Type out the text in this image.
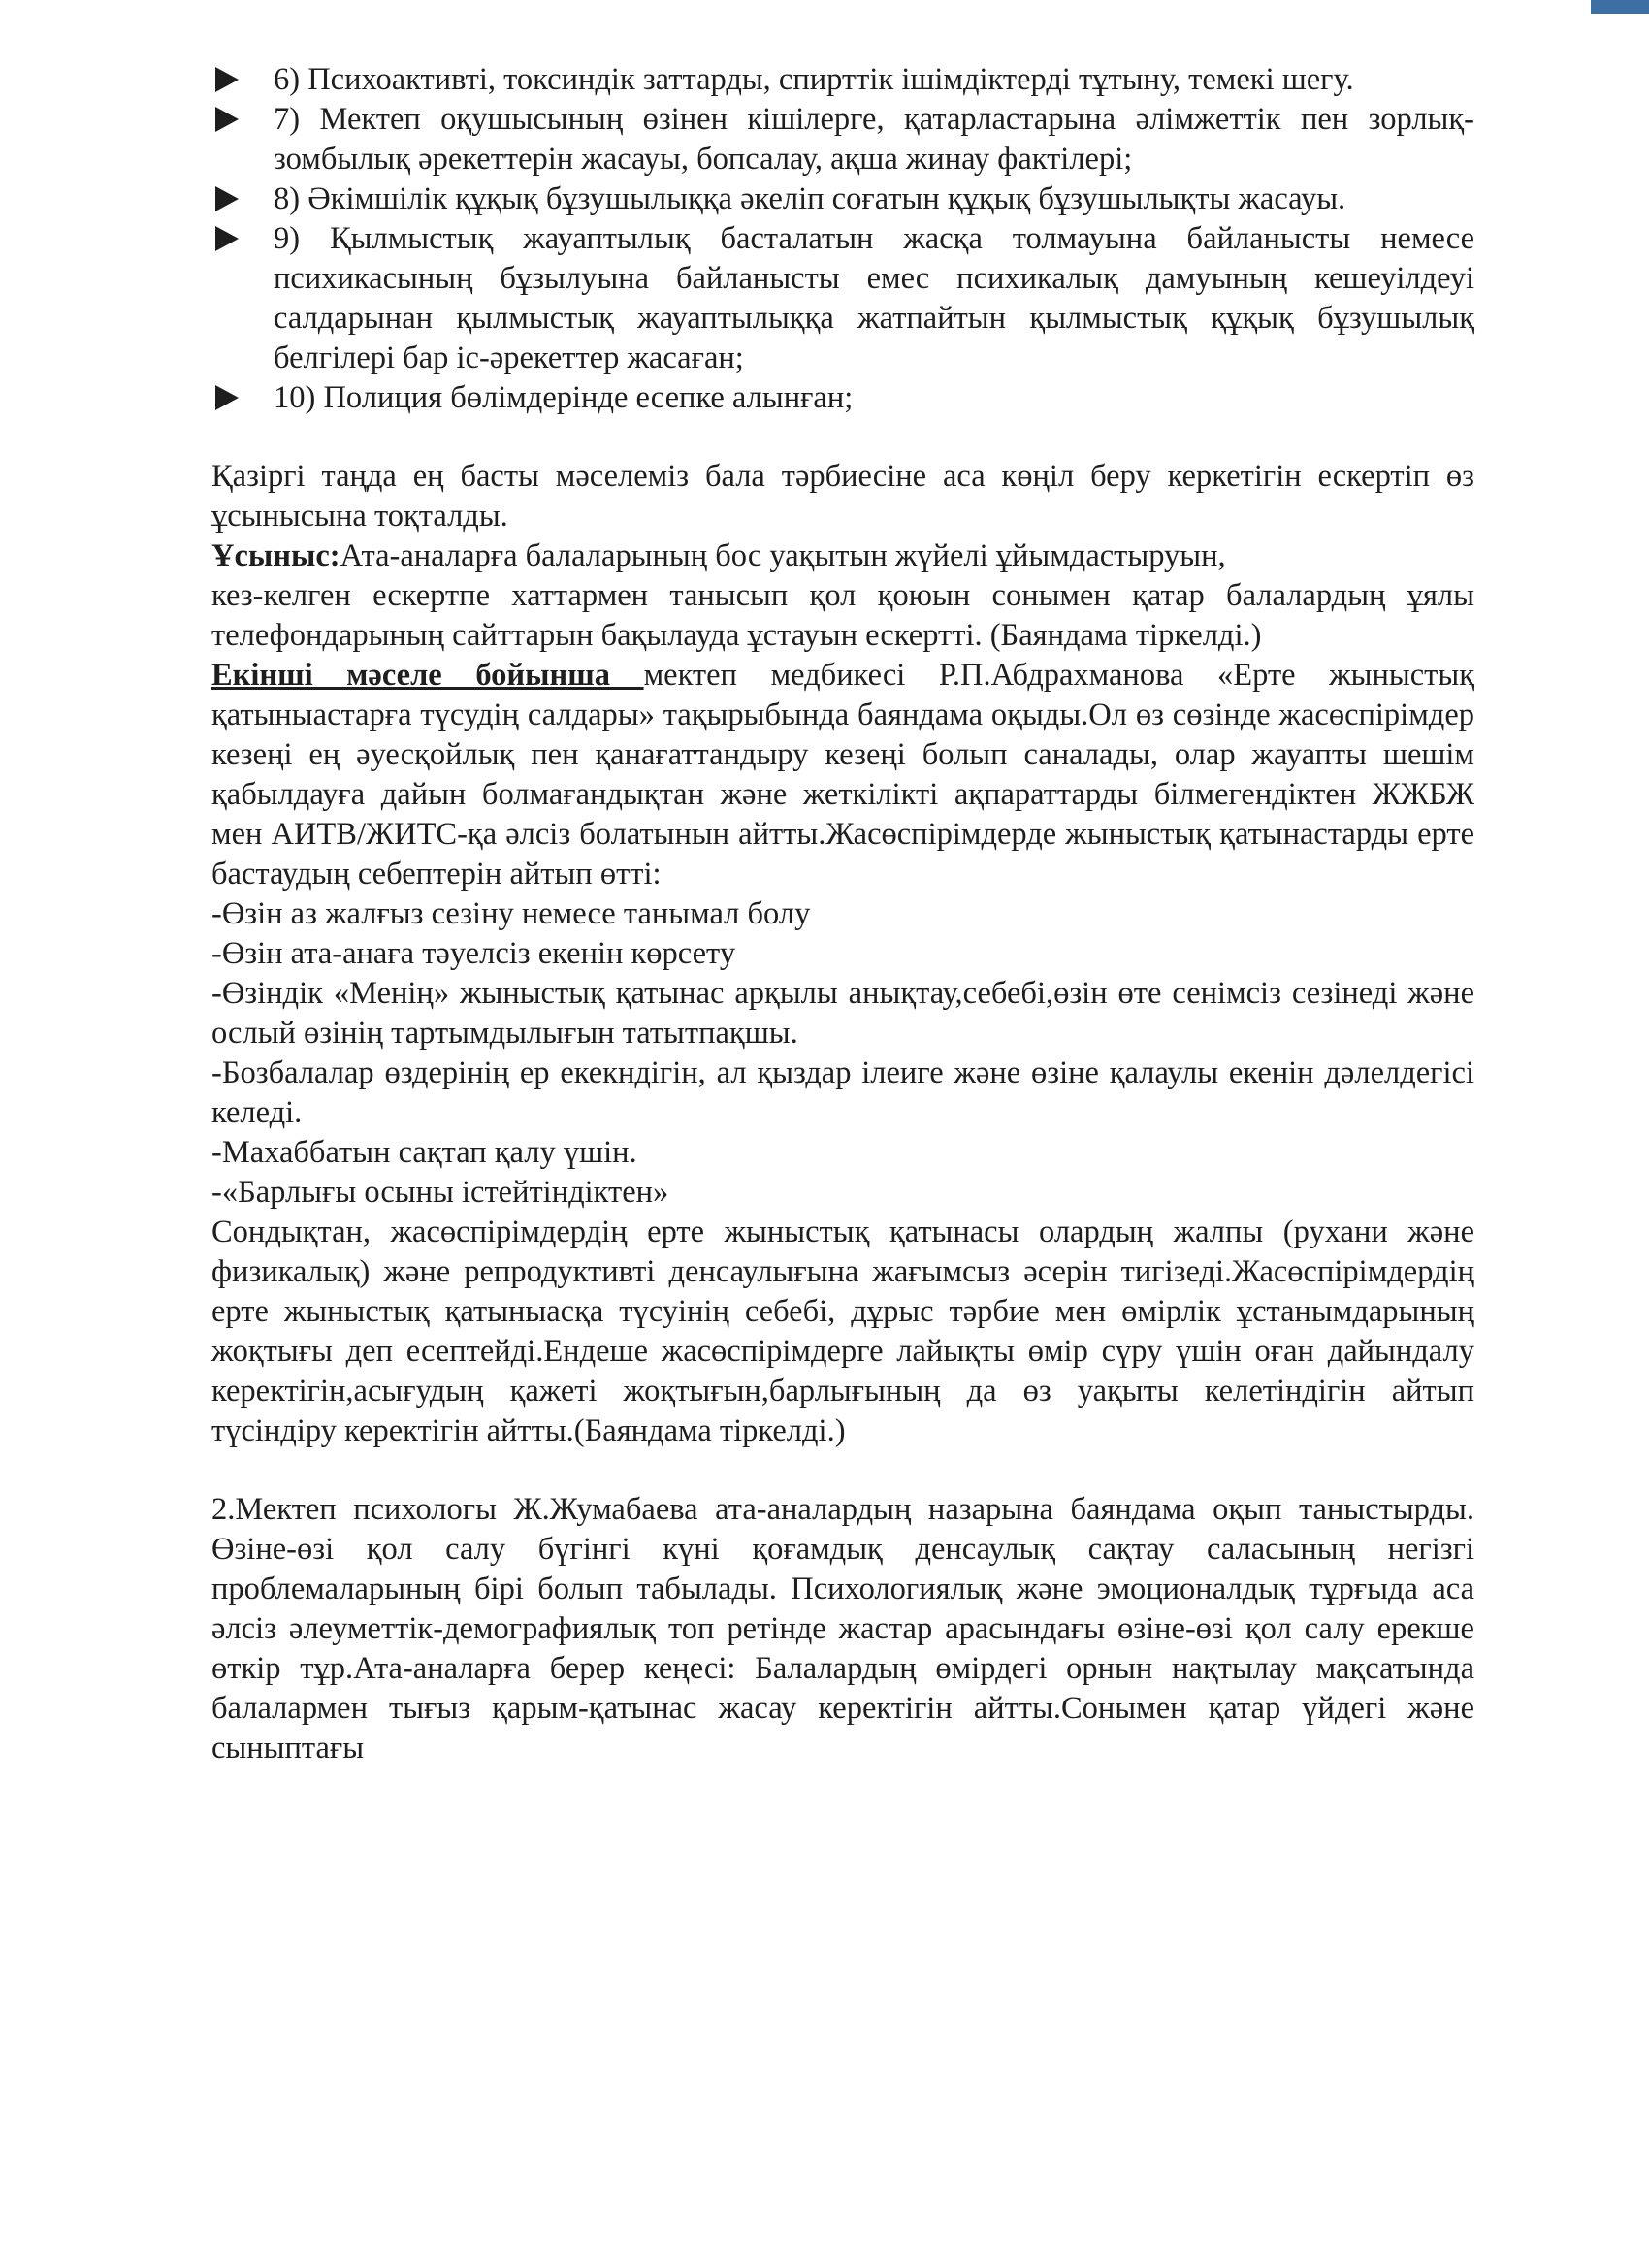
6) Психоактивті, токсиндік заттарды, спирттік ішімдіктерді тұтыну, темекі шегу.
7) Мектеп оқушысының өзінен кішілерге, қатарластарына әлімжеттік пен зорлық-зомбылық әрекеттерін жасауы, бопсалау, ақша жинау фактілері;
8) Әкімшілік құқық бұзушылыққа әкеліп соғатын құқық бұзушылықты жасауы.
9) Қылмыстық жауаптылық басталатын жасқа толмауына байланысты немесе психикасының бұзылуына байланысты емес психикалық дамуының кешеуілдеуі салдарынан қылмыстық жауаптылыққа жатпайтын қылмыстық құқық бұзушылық белгілері бар іс-әрекеттер жасаған;
10) Полиция бөлімдерінде есепке алынған;

Қазіргі таңда ең басты мәселеміз бала тәрбиесіне аса көңіл беру керкетігін ескертіп өз ұсынысына тоқталды.

Ұсыныс:Ата-аналарға балаларының бос уақытын жүйелі ұйымдастыруын,

кез-келген ескертпе хаттармен танысып қол қоюын сонымен қатар балалардың ұялы телефондарының сайттарын бақылауда ұстауын ескертті. (Баяндама тіркелді.)

Екінші мәселе бойынша мектеп медбикесі Р.П.Абдрахманова «Ерте жыныстық қатыныастарға түсудің салдары» тақырыбында баяндама оқыды.Ол өз сөзінде жасөспірімдер кезеңі ең әуесқойлық пен қанағаттандыру кезеңі болып саналады, олар жауапты шешім қабылдауға дайын болмағандықтан және жеткілікті ақпараттарды білмегендіктен ЖЖБЖ мен АИТВ/ЖИТС-қа әлсіз болатынын айтты.Жасөспірімдерде жыныстық қатынастарды ерте бастаудың себептерін айтып өтті:

-Өзін аз жалғыз сезіну немесе танымал болу

-Өзін ата-анаға тәуелсіз екенін көрсету

-Өзіндік «Менің» жыныстық қатынас арқылы анықтау,себебі,өзін өте сенімсіз сезінеді және ослый өзінің тартымдылығын татытпақшы.

-Бозбалалар өздерінің ер екекндігін, ал қыздар ілеиге және өзіне қалаулы екенін дәлелдегісі келеді.

-Махаббатын сақтап қалу үшін.

-«Барлығы осыны істейтіндіктен»

Сондықтан, жасөспірімдердің ерте жыныстық қатынасы олардың жалпы (рухани және физикалық) және репродуктивті денсаулығына жағымсыз әсерін тигізеді.Жасөспірімдердің ерте жыныстық қатыныасқа түсуінің себебі, дұрыс тәрбие мен өмірлік ұстанымдарының жоқтығы деп есептейді.Ендеше жасөспірімдерге лайықты өмір сүру үшін оған дайындалу керектігін,асығудың қажеті жоқтығын,барлығының да өз уақыты келетіндігін айтып түсіндіру керектігін айтты.(Баяндама тіркелді.)

2.Мектеп психологы Ж.Жумабаева ата-аналардың назарына баяндама оқып таныстырды. Өзіне-өзі қол салу бүгінгі күні қоғамдық денсаулық сақтау саласының негізгі проблемаларының бірі болып табылады. Психологиялық және эмоционалдық тұрғыда аса әлсіз әлеуметтік-демографиялық топ ретінде жастар арасындағы өзіне-өзі қол салу ерекше өткір тұр.Ата-аналарға берер кеңесі: Балалардың өмірдегі орнын нақтылау мақсатында балалармен тығыз қарым-қатынас жасау керектігін айтты.Сонымен қатар үйдегі және сыныптағы
